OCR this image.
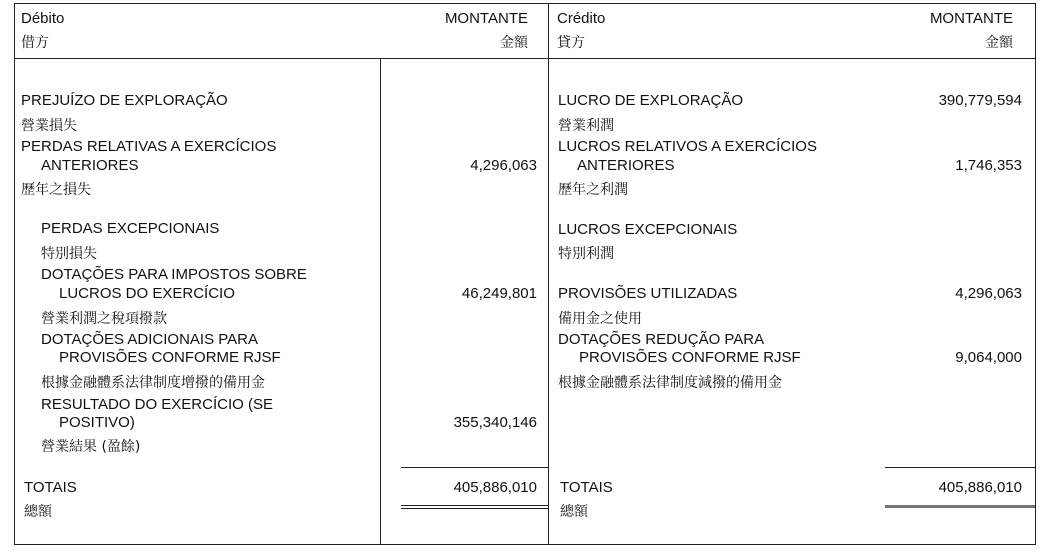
Débito
借方
MONTANTE
金額
Crédito
貸方
MONTANTE
金額
PREJUÍZO DE EXPLORAÇÃO
營業損失
PERDAS RELATIVAS A EXERCÍCIOS
ANTERIORES	4,296,063
歷年之損失
PERDAS EXCEPCIONAIS
特別損失
DOTAÇÕES PARA IMPOSTOS SOBRE
LUCROS DO EXERCÍCIO	46,249,801
營業利潤之稅項撥款
DOTAÇÕES ADICIONAIS PARA
PROVISÕES CONFORME RJSF
根據金融體系法律制度增撥的備用金
RESULTADO DO EXERCÍCIO (SE
POSITIVO)	355,340,146
營業結果 (盈餘)
TOTAIS	405,886,010
總額
LUCRO DE EXPLORAÇÃO	390,779,594
營業利潤
LUCROS RELATIVOS A EXERCÍCIOS
ANTERIORES	1,746,353
歷年之利潤
LUCROS EXCEPCIONAIS
特別利潤
PROVISÕES UTILIZADAS	4,296,063
備用金之使用
DOTAÇÕES REDUÇÃO PARA
PROVISÕES CONFORME RJSF	9,064,000
根據金融體系法律制度減撥的備用金
TOTAIS	405,886,010
總額
